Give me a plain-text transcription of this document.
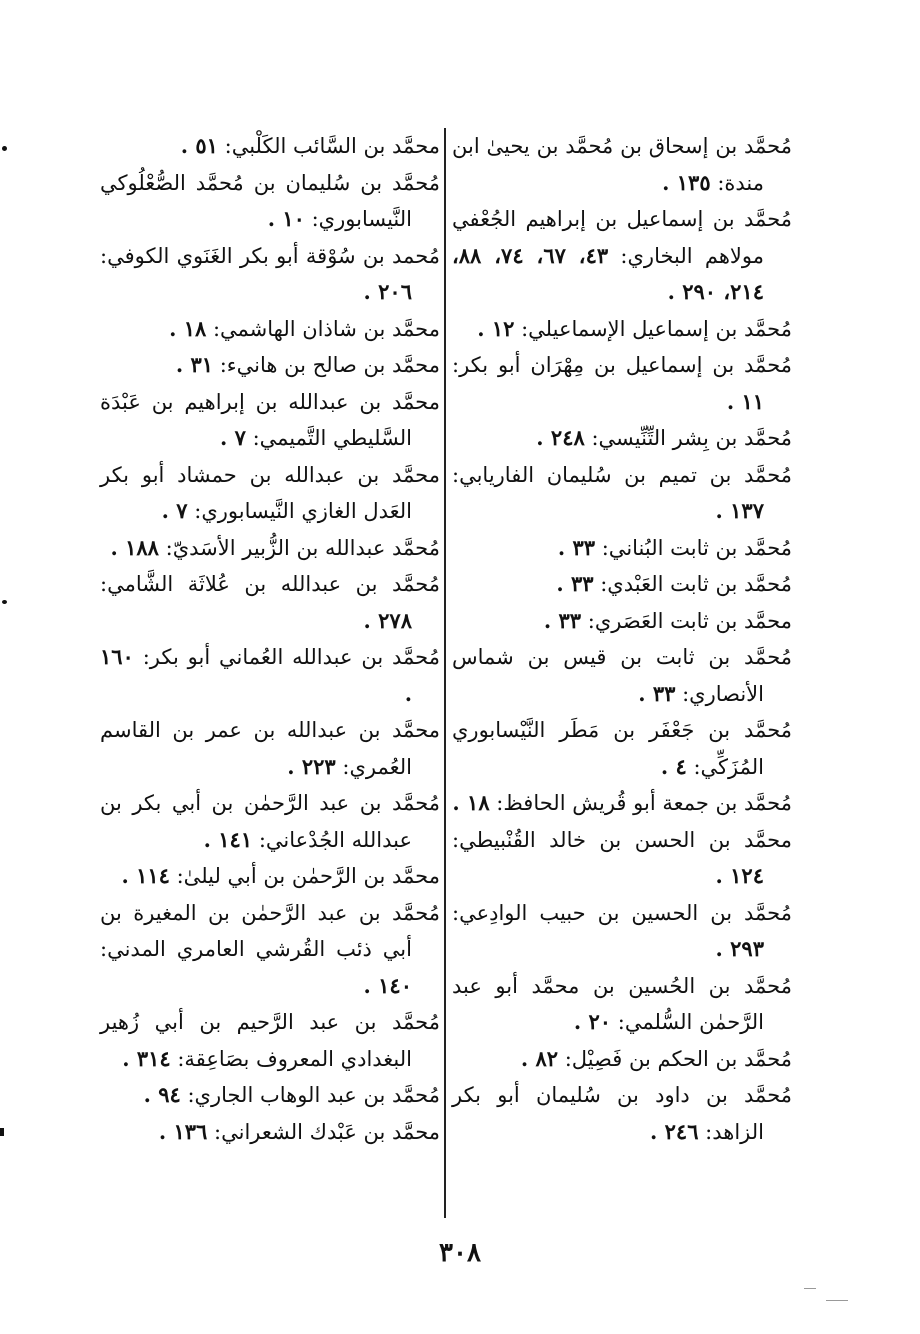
مُحمَّد بن إسحاق بن مُحمَّد بن يحيىٰ ابن مندة: ١٣٥ .

مُحمَّد بن إسماعيل بن إبراهيم الجُعْفي مولاهم البخاري: ٤٣، ٦٧، ٧٤، ٨٨، ٢١٤، ٢٩٠ .

مُحمَّد بن إسماعيل الإسماعيلي: ١٢ .

مُحمَّد بن إسماعيل بن مِهْرَان أبو بكر: ١١ .

مُحمَّد بن بِشر التِّنِّيسي: ٢٤٨ .

مُحمَّد بن تميم بن سُليمان الفاريابي: ١٣٧ .

مُحمَّد بن ثابت البُناني: ٣٣ .

مُحمَّد بن ثابت العَبْدي: ٣٣ .

محمَّد بن ثابت العَصَري: ٣٣ .

مُحمَّد بن ثابت بن قيس بن شماس الأنصاري: ٣٣ .

مُحمَّد بن جَعْفَر بن مَطَر النَّيْسابوري المُزَكِّي: ٤ .

مُحمَّد بن جمعة أبو قُريش الحافظ: ١٨ .

محمَّد بن الحسن بن خالد القُنْبيطي: ١٢٤ .

مُحمَّد بن الحسين بن حبيب الوادِعي: ٢٩٣ .

مُحمَّد بن الحُسين بن محمَّد أبو عبد الرَّحمٰن السُّلمي: ٢٠ .

مُحمَّد بن الحكم بن فَصِيْل: ٨٢ .

مُحمَّد بن داود بن سُليمان أبو بكر الزاهد: ٢٤٦ .

محمَّد بن السَّائب الكَلْبي: ٥١ .

مُحمَّد بن سُليمان بن مُحمَّد الصُّعْلُوكي النَّيسابوري: ١٠ .

مُحمد بن سُوْقة أبو بكر الغَنَوي الكوفي: ٢٠٦ .

محمَّد بن شاذان الهاشمي: ١٨ .

محمَّد بن صالح بن هانيء: ٣١ .

محمَّد بن عبدالله بن إبراهيم بن عَبْدَة السَّليطي التَّميمي: ٧ .

محمَّد بن عبدالله بن حمشاد أبو بكر العَدل الغازي النَّيسابوري: ٧ .

مُحمَّد عبدالله بن الزُّبير الأسَديّ: ١٨٨ .

مُحمَّد بن عبدالله بن عُلاثَة الشَّامي: ٢٧٨ .

مُحمَّد بن عبدالله العُماني أبو بكر: ١٦٠ .

محمَّد بن عبدالله بن عمر بن القاسم العُمري: ٢٢٣ .

مُحمَّد بن عبد الرَّحمٰن بن أبي بكر بن عبدالله الجُدْعاني: ١٤١ .

محمَّد بن الرَّحمٰن بن أبي ليلىٰ: ١١٤ .

مُحمَّد بن عبد الرَّحمٰن بن المغيرة بن أبي ذئب القُرشي العامري المدني: ١٤٠ .

مُحمَّد بن عبد الرَّحيم بن أبي زُهير البغدادي المعروف بصَاعِقة: ٣١٤ .

مُحمَّد بن عبد الوهاب الجاري: ٩٤ .

محمَّد بن عَبْدك الشعراني: ١٣٦ .

٣٠٨
